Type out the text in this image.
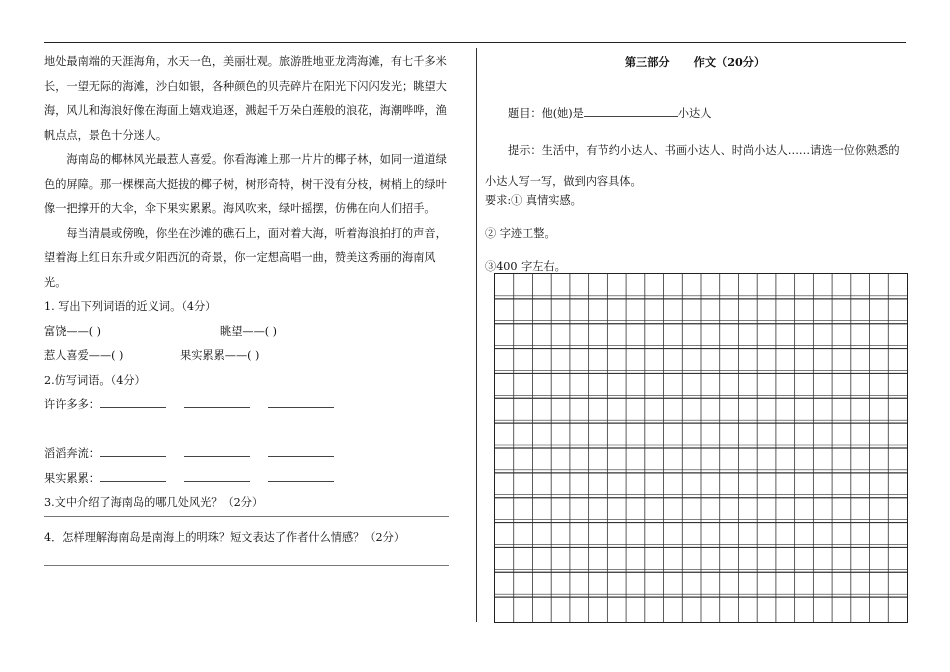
地处最南端的天涯海角，水天一色，美丽壮观。旅游胜地亚龙湾海滩，有七千多米长，一望无际的海滩，沙白如银，各种颜色的贝壳碎片在阳光下闪闪发光；眺望大海，风儿和海浪好像在海面上嬉戏追逐，溅起千万朵白莲般的浪花，海潮哗哗，渔帆点点，景色十分迷人。

海南岛的椰林风光最惹人喜爱。你看海滩上那一片片的椰子林，如同一道道绿色的屏障。那一棵棵高大挺拔的椰子树，树形奇特，树干没有分枝，树梢上的绿叶像一把撑开的大伞，伞下果实累累。海风吹来，绿叶摇摆，仿佛在向人们招手。

每当清晨或傍晚，你坐在沙滩的礁石上，面对着大海，听着海浪拍打的声音，望着海上红日东升或夕阳西沉的奇景，你一定想高唱一曲，赞美这秀丽的海南风光。

1. 写出下列词语的近义词。（4分）

富饶——( )	眺望——( )

惹人喜爱——( )	果实累累——( )

2.仿写词语。（4分）

许许多多：

滔滔奔流：

果实累累：

3.文中介绍了海南岛的哪几处风光？（2分）

4．怎样理解海南岛是南海上的明珠？短文表达了作者什么情感？（2分）

第三部分 作文（20分）

题目：他(她)是	小达人

提示：生活中，有节约小达人、书画小达人、时尚小达人……请选一位你熟悉的小达人写一写，做到内容具体。

要求:① 真情实感。

② 字迹工整。

③400 字左右。
